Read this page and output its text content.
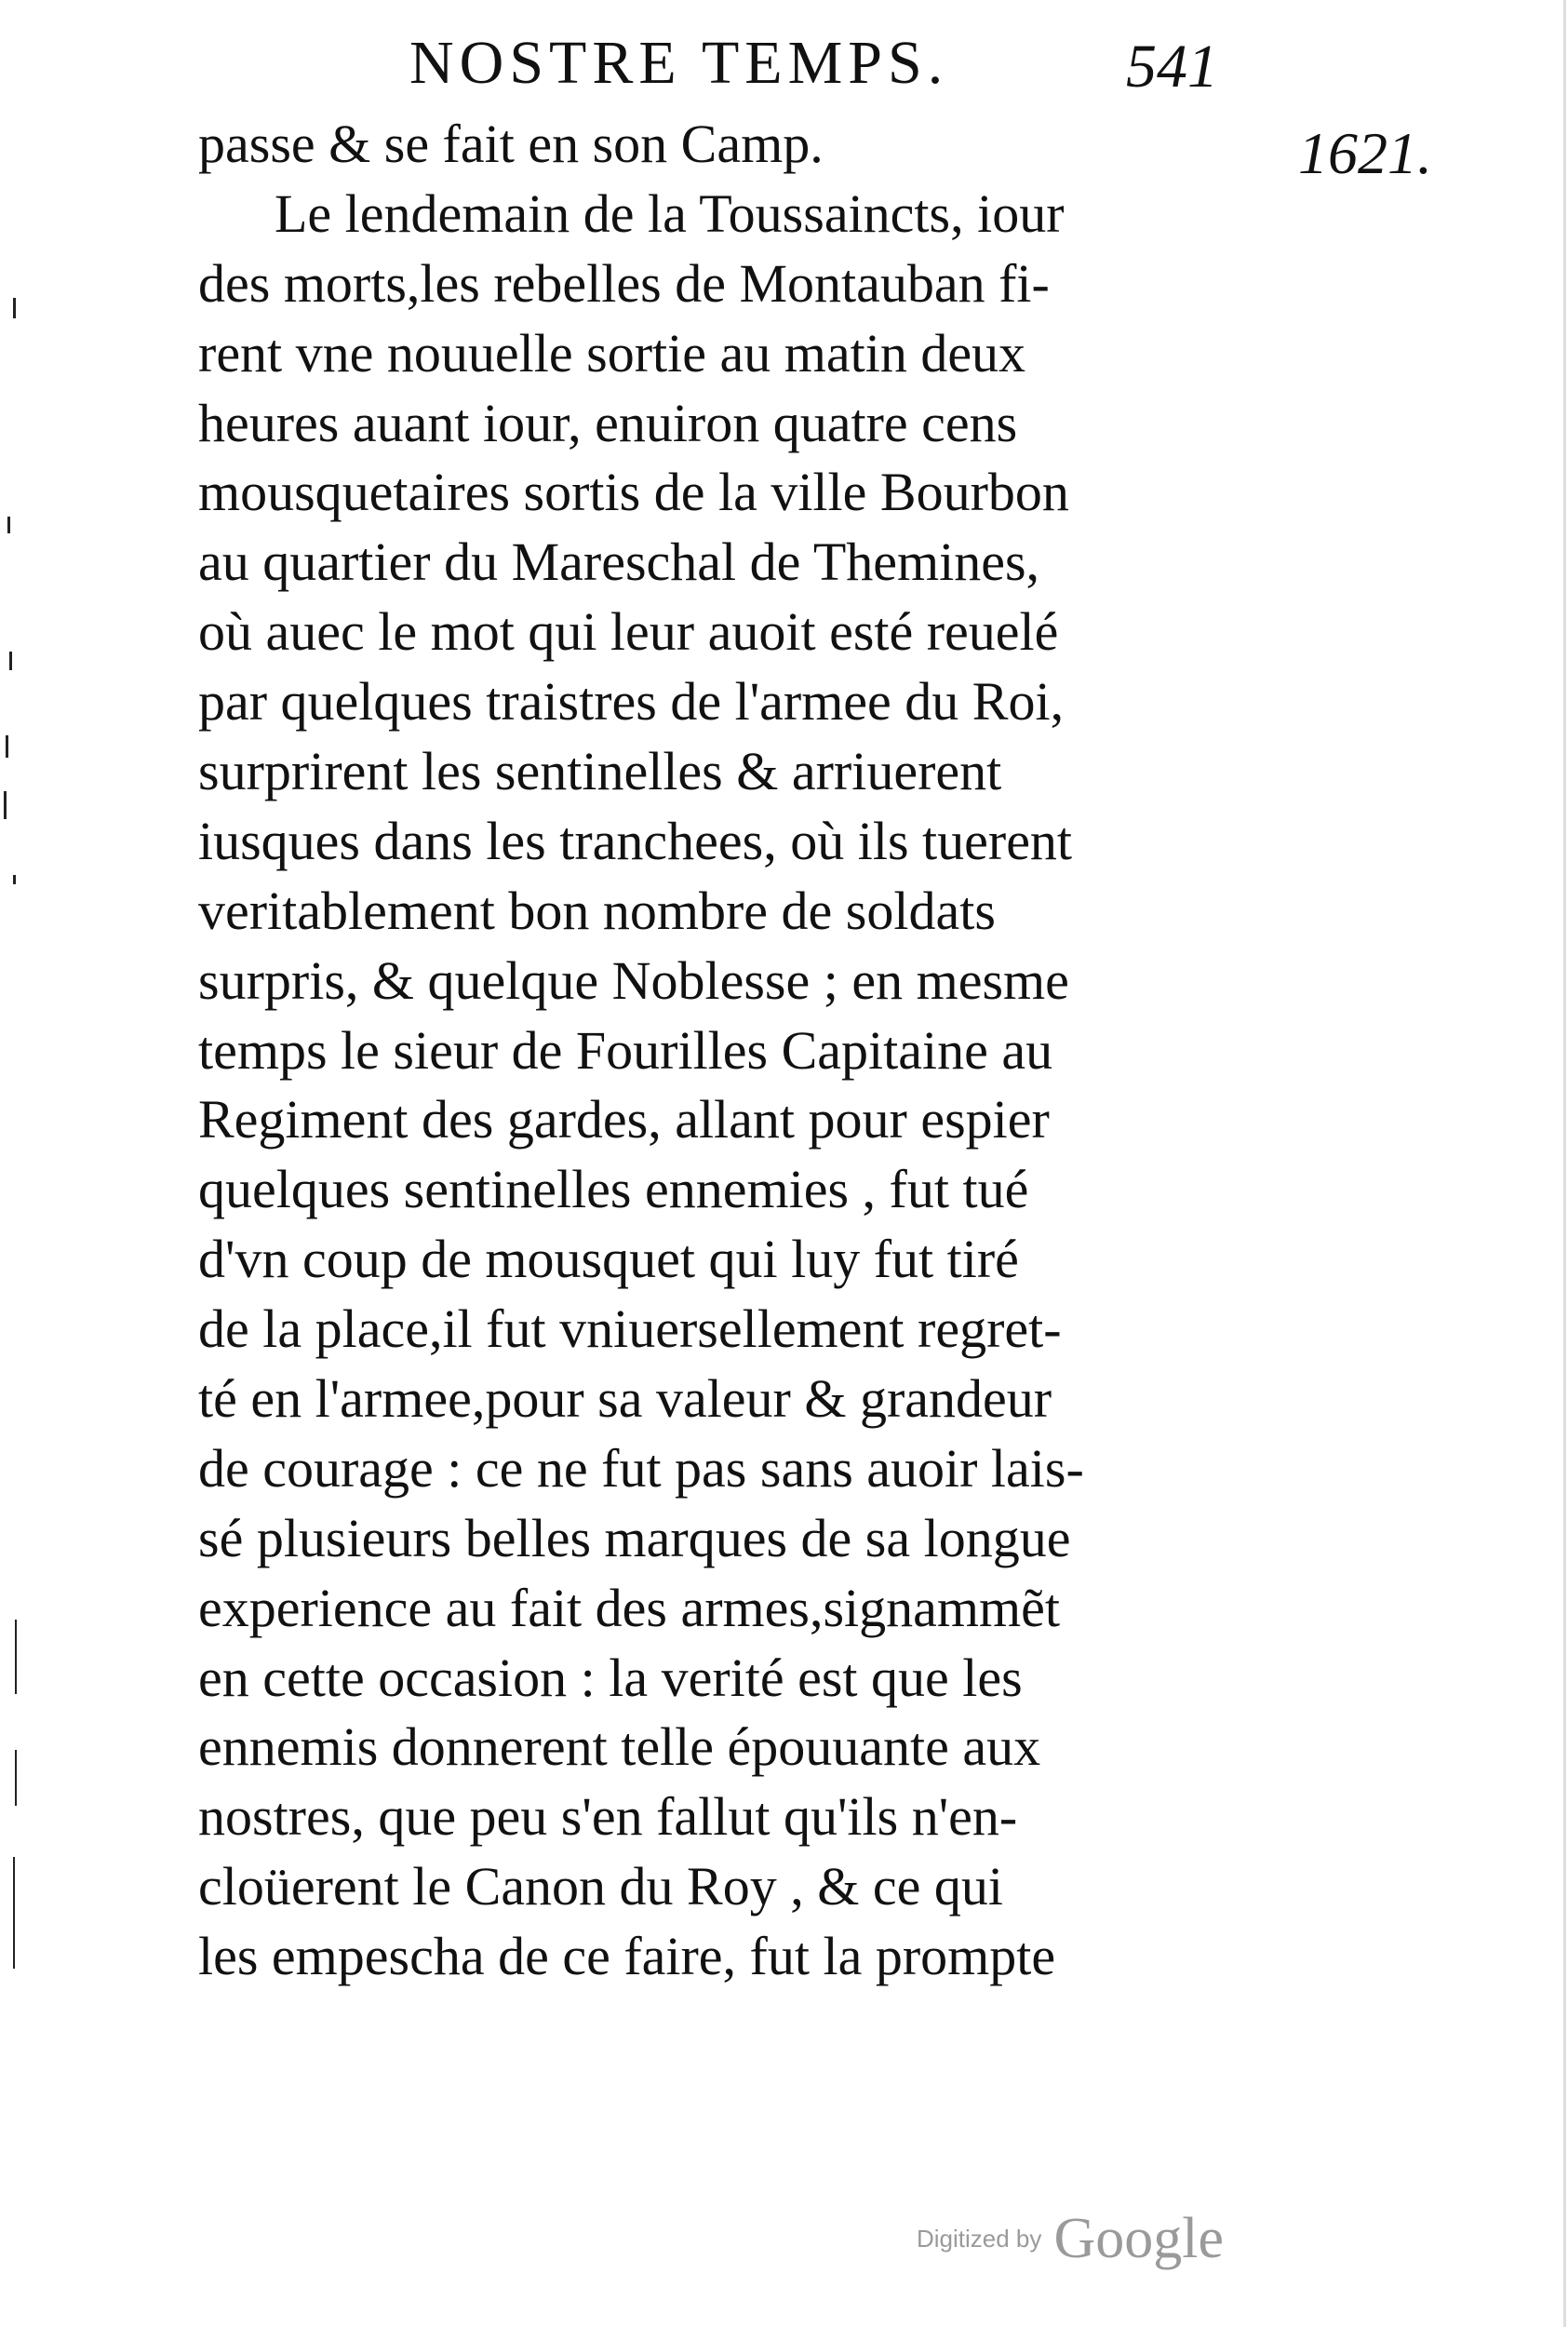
NOSTRE TEMPS.	541
1621.
passe & se fait en son Camp.
Le lendemain de la Toussaincts, iour
des morts,les rebelles de Montauban fi-
rent vne nouuelle sortie au matin deux
heures auant iour, enuiron quatre cens
mousquetaires sortis de la ville Bourbon
au quartier du Mareschal de Themines,
où auec le mot qui leur auoit esté reuelé
par quelques traistres de l'armee du Roi,
surprirent les sentinelles & arriuerent
iusques dans les tranchees, où ils tuerent
veritablement bon nombre de soldats
surpris, & quelque Noblesse ; en mesme
temps le sieur de Fourilles Capitaine au
Regiment des gardes, allant pour espier
quelques sentinelles ennemies , fut tué
d'vn coup de mousquet qui luy fut tiré
de la place,il fut vniuersellement regret-
té en l'armee,pour sa valeur & grandeur
de courage : ce ne fut pas sans auoir lais-
sé plusieurs belles marques de sa longue
experience au fait des armes,signammẽt
en cette occasion : la verité est que les
ennemis donnerent telle épouuante aux
nostres, que peu s'en fallut qu'ils n'en-
cloüerent le Canon du Roy , & ce qui
les empescha de ce faire, fut la prompte
Digitized by Google
